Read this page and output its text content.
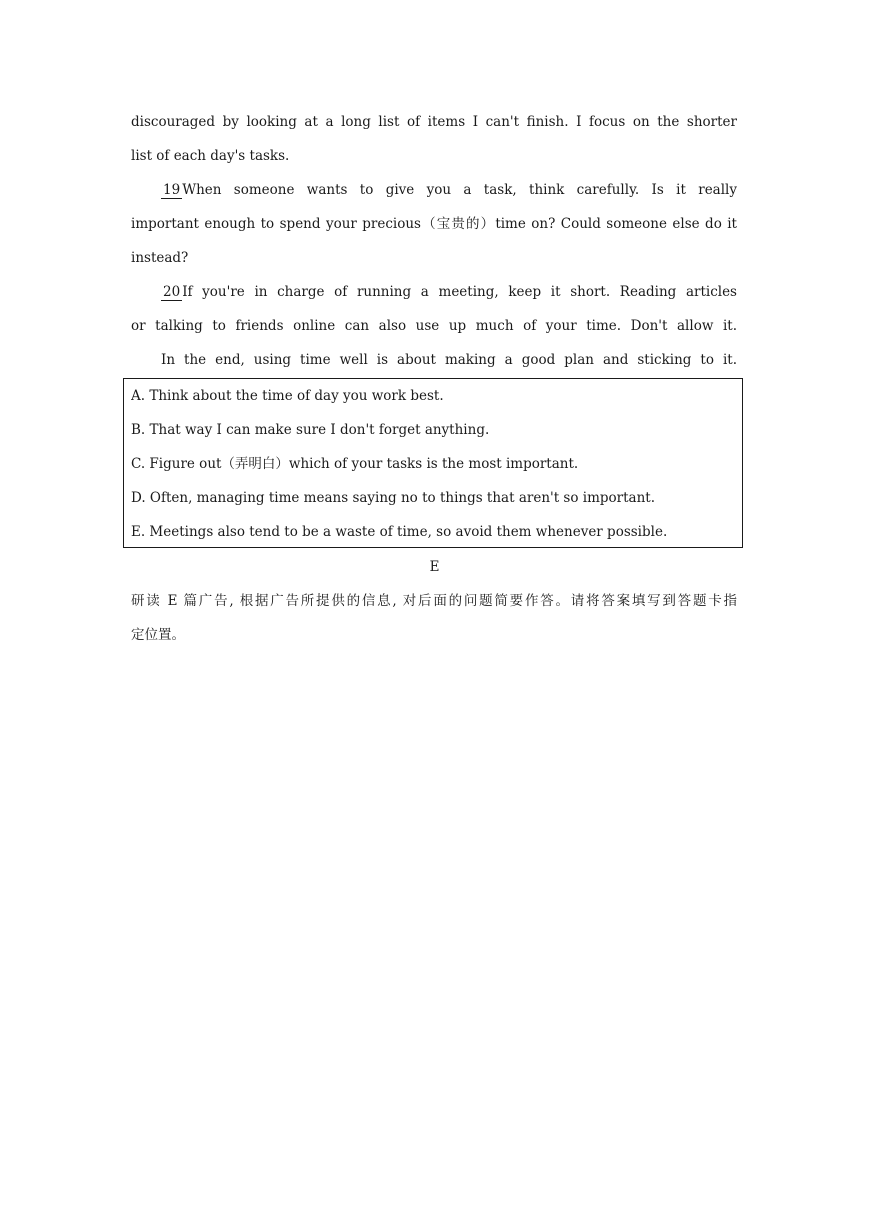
discouraged by looking at a long list of items I can't finish. I focus on the shorter
list of each day's tasks.
19 When someone wants to give you a task, think carefully. Is it really
important enough to spend your precious（宝贵的）time on? Could someone else do it
instead?
20 If you're in charge of running a meeting, keep it short. Reading articles
or talking to friends online can also use up much of your time. Don't allow it.
In the end, using time well is about making a good plan and sticking to it.
A. Think about the time of day you work best.
B. That way I can make sure I don't forget anything.
C. Figure out（弄明白）which of your tasks is the most important.
D. Often, managing time means saying no to things that aren't so important.
E. Meetings also tend to be a waste of time, so avoid them whenever possible.
E
研读 E 篇广告, 根据广告所提供的信息, 对后面的问题简要作答。请将答案填写到答题卡指
定位置。
